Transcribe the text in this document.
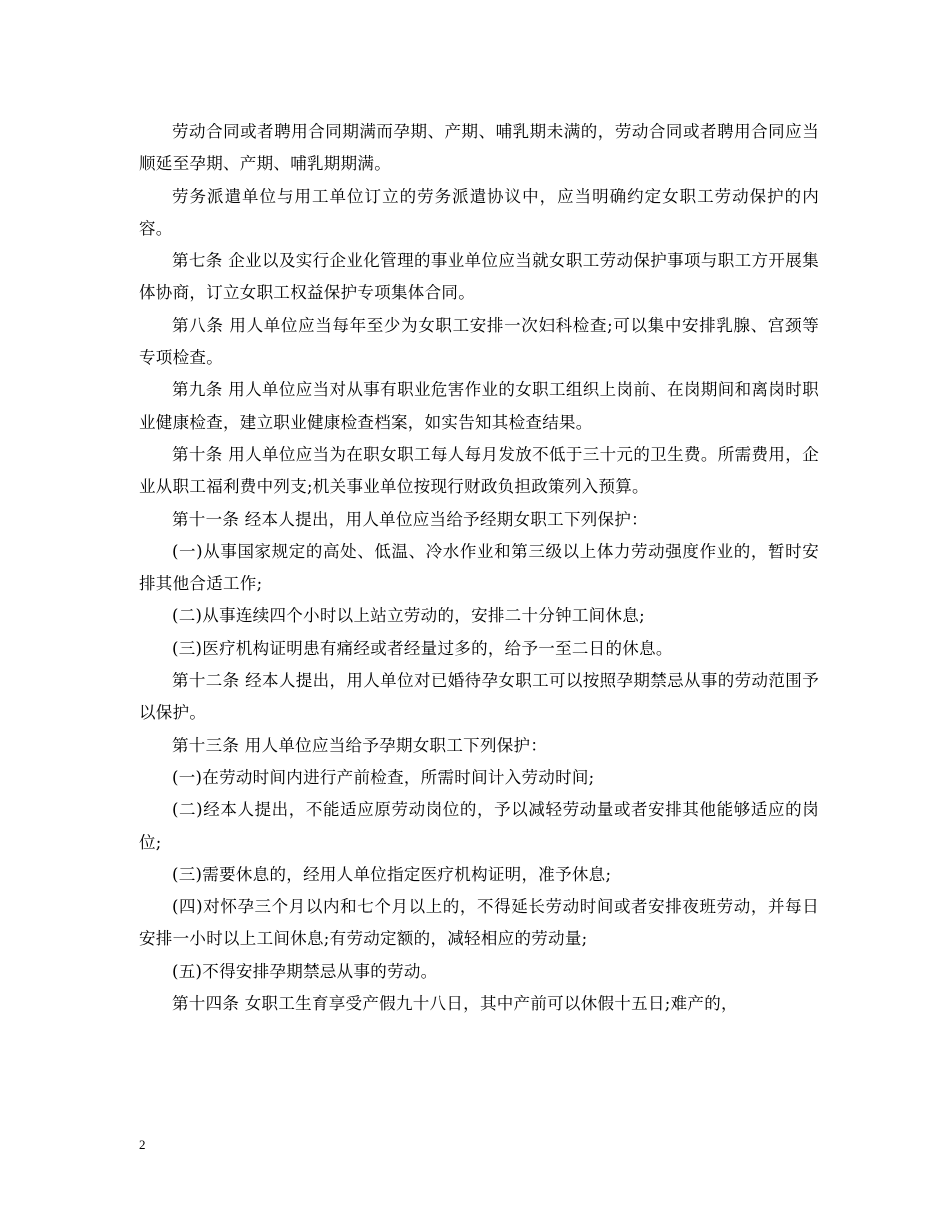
劳动合同或者聘用合同期满而孕期、产期、哺乳期未满的，劳动合同或者聘用合同应当顺延至孕期、产期、哺乳期期满。

劳务派遣单位与用工单位订立的劳务派遣协议中，应当明确约定女职工劳动保护的内容。

第七条 企业以及实行企业化管理的事业单位应当就女职工劳动保护事项与职工方开展集体协商，订立女职工权益保护专项集体合同。

第八条 用人单位应当每年至少为女职工安排一次妇科检查;可以集中安排乳腺、宫颈等专项检查。

第九条 用人单位应当对从事有职业危害作业的女职工组织上岗前、在岗期间和离岗时职业健康检查，建立职业健康检查档案，如实告知其检查结果。

第十条 用人单位应当为在职女职工每人每月发放不低于三十元的卫生费。所需费用，企业从职工福利费中列支;机关事业单位按现行财政负担政策列入预算。

第十一条 经本人提出，用人单位应当给予经期女职工下列保护：

(一)从事国家规定的高处、低温、冷水作业和第三级以上体力劳动强度作业的，暂时安排其他合适工作;

(二)从事连续四个小时以上站立劳动的，安排二十分钟工间休息;

(三)医疗机构证明患有痛经或者经量过多的，给予一至二日的休息。

第十二条 经本人提出，用人单位对已婚待孕女职工可以按照孕期禁忌从事的劳动范围予以保护。

第十三条 用人单位应当给予孕期女职工下列保护：

(一)在劳动时间内进行产前检查，所需时间计入劳动时间;

(二)经本人提出，不能适应原劳动岗位的，予以减轻劳动量或者安排其他能够适应的岗位;

(三)需要休息的，经用人单位指定医疗机构证明，准予休息;

(四)对怀孕三个月以内和七个月以上的，不得延长劳动时间或者安排夜班劳动，并每日安排一小时以上工间休息;有劳动定额的，减轻相应的劳动量;

(五)不得安排孕期禁忌从事的劳动。

第十四条 女职工生育享受产假九十八日，其中产前可以休假十五日;难产的，

2
